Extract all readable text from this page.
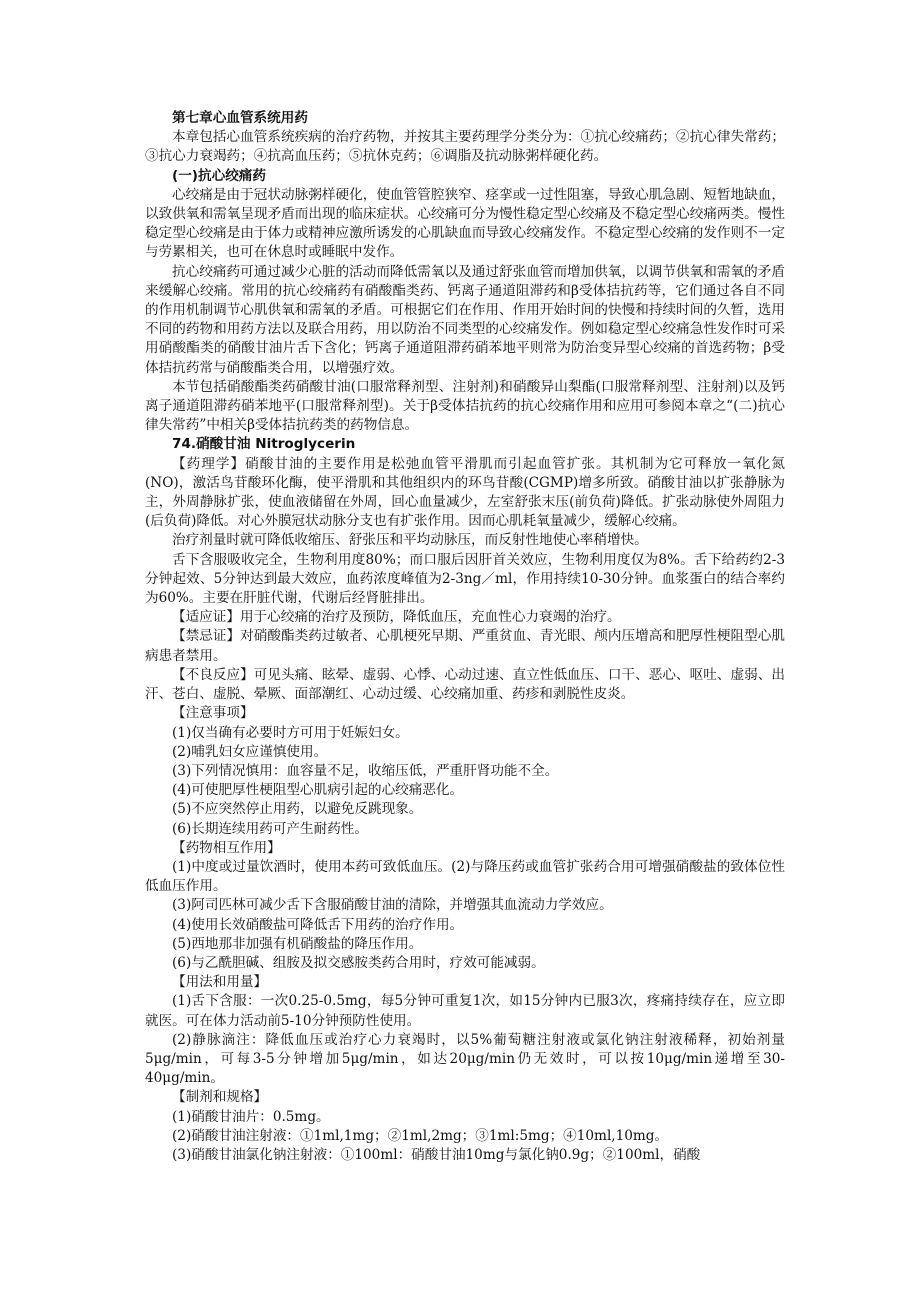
第七章心血管系统用药

本章包括心血管系统疾病的治疗药物，并按其主要药理学分类分为：①抗心绞痛药；②抗心律失常药；③抗心力衰竭药；④抗高血压药；⑤抗休克药；⑥调脂及抗动脉粥样硬化药。

(一)抗心绞痛药

心绞痛是由于冠状动脉粥样硬化，使血管管腔狭窄、痉挛或一过性阻塞，导致心肌急剧、短暂地缺血，以致供氧和需氧呈现矛盾而出现的临床症状。心绞痛可分为慢性稳定型心绞痛及不稳定型心绞痛两类。慢性稳定型心绞痛是由于体力或精神应激所诱发的心肌缺血而导致心绞痛发作。不稳定型心绞痛的发作则不一定与劳累相关，也可在休息时或睡眠中发作。

抗心绞痛药可通过减少心脏的活动而降低需氧以及通过舒张血管而增加供氧，以调节供氧和需氧的矛盾来缓解心绞痛。常用的抗心绞痛药有硝酸酯类药、钙离子通道阻滞药和β受体拮抗药等，它们通过各自不同的作用机制调节心肌供氧和需氧的矛盾。可根据它们在作用、作用开始时间的快慢和持续时间的久暂，选用不同的药物和用药方法以及联合用药，用以防治不同类型的心绞痛发作。例如稳定型心绞痛急性发作时可采用硝酸酯类的硝酸甘油片舌下含化；钙离子通道阻滞药硝苯地平则常为防治变异型心绞痛的首选药物；β受体拮抗药常与硝酸酯类合用，以增强疗效。

本节包括硝酸酯类药硝酸甘油(口服常释剂型、注射剂)和硝酸异山梨酯(口服常释剂型、注射剂)以及钙离子通道阻滞药硝苯地平(口服常释剂型)。关于β受体拮抗药的抗心绞痛作用和应用可参阅本章之“(二)抗心律失常药”中相关β受体拮抗药类的药物信息。

74.硝酸甘油 Nitroglycerin

【药理学】硝酸甘油的主要作用是松弛血管平滑肌而引起血管扩张。其机制为它可释放一氧化氮(NO)，激活鸟苷酸环化酶，使平滑肌和其他组织内的环鸟苷酸(CGMP)增多所致。硝酸甘油以扩张静脉为主，外周静脉扩张，使血液储留在外周，回心血量减少，左室舒张末压(前负荷)降低。扩张动脉使外周阻力(后负荷)降低。对心外膜冠状动脉分支也有扩张作用。因而心肌耗氧量减少，缓解心绞痛。

治疗剂量时就可降低收缩压、舒张压和平均动脉压，而反射性地使心率稍增快。

舌下含服吸收完全，生物利用度80%；而口服后因肝首关效应，生物利用度仅为8%。舌下给药约2-3分钟起效、5分钟达到最大效应，血药浓度峰值为2-3ng／ml，作用持续10-30分钟。血浆蛋白的结合率约为60%。主要在肝脏代谢，代谢后经肾脏排出。

【适应证】用于心绞痛的治疗及预防，降低血压，充血性心力衰竭的治疗。

【禁忌证】对硝酸酯类药过敏者、心肌梗死早期、严重贫血、青光眼、颅内压增高和肥厚性梗阻型心肌病患者禁用。

【不良反应】可见头痛、眩晕、虚弱、心悸、心动过速、直立性低血压、口干、恶心、呕吐、虚弱、出汗、苍白、虚脱、晕厥、面部潮红、心动过缓、心绞痛加重、药疹和剥脱性皮炎。

【注意事项】

(1)仅当确有必要时方可用于妊娠妇女。

(2)哺乳妇女应谨慎使用。

(3)下列情况慎用：血容量不足，收缩压低，严重肝肾功能不全。

(4)可使肥厚性梗阻型心肌病引起的心绞痛恶化。

(5)不应突然停止用药，以避免反跳现象。

(6)长期连续用药可产生耐药性。

【药物相互作用】

(1)中度或过量饮酒时，使用本药可致低血压。(2)与降压药或血管扩张药合用可增强硝酸盐的致体位性低血压作用。

(3)阿司匹林可减少舌下含服硝酸甘油的清除，并增强其血流动力学效应。

(4)使用长效硝酸盐可降低舌下用药的治疗作用。

(5)西地那非加强有机硝酸盐的降压作用。

(6)与乙酰胆碱、组胺及拟交感胺类药合用时，疗效可能减弱。

【用法和用量】

(1)舌下含服：一次0.25-0.5mg，每5分钟可重复1次，如15分钟内已服3次，疼痛持续存在，应立即就医。可在体力活动前5-10分钟预防性使用。

(2)静脉滴注：降低血压或治疗心力衰竭时，以5%葡萄糖注射液或氯化钠注射液稀释，初始剂量5μg/min，可每3-5分钟增加5μg/min，如达20μg/min仍无效时，可以按10μg/min递增至30-40μg/min。

【制剂和规格】

(1)硝酸甘油片：0.5mg。

(2)硝酸甘油注射液：①1ml,1mg；②1ml,2mg；③1ml:5mg；④10ml,10mg。

(3)硝酸甘油氯化钠注射液：①100ml：硝酸甘油10mg与氯化钠0.9g；②100ml，硝酸
